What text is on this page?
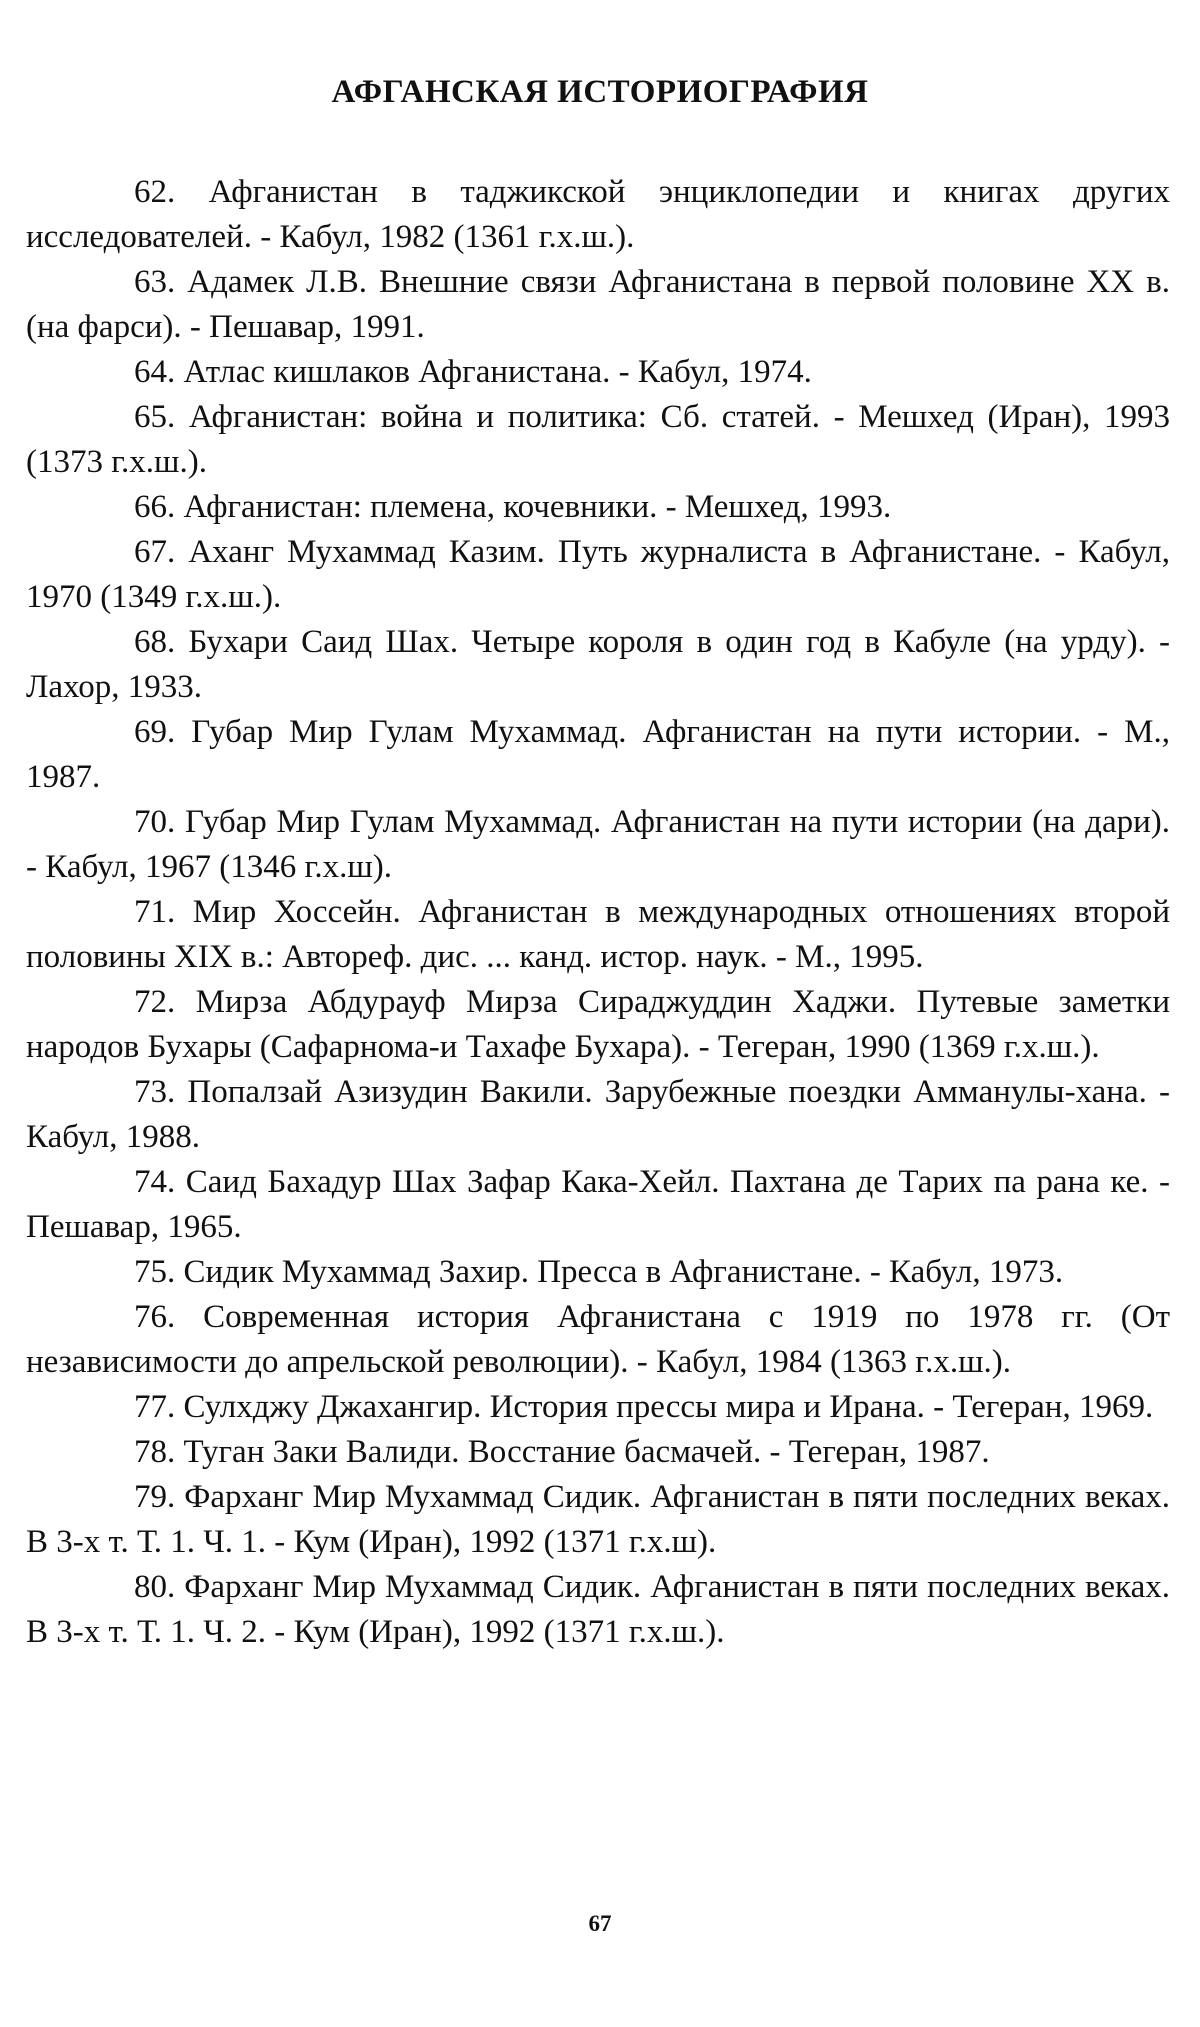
АФГАНСКАЯ ИСТОРИОГРАФИЯ
62. Афганистан в таджикской энциклопедии и книгах других исследователей. - Кабул, 1982 (1361 г.х.ш.).
63. Адамек Л.В. Внешние связи Афганистана в первой половине XX в. (на фарси). - Пешавар, 1991.
64. Атлас кишлаков Афганистана. - Кабул, 1974.
65. Афганистан: война и политика: Сб. статей. - Мешхед (Иран), 1993 (1373 г.х.ш.).
66. Афганистан: племена, кочевники. - Мешхед, 1993.
67. Аханг Мухаммад Казим. Путь журналиста в Афганистане. - Кабул, 1970 (1349 г.х.ш.).
68. Бухари Саид Шах. Четыре короля в один год в Кабуле (на урду). - Лахор, 1933.
69. Губар Мир Гулам Мухаммад. Афганистан на пути истории. - М., 1987.
70. Губар Мир Гулам Мухаммад. Афганистан на пути истории (на дари). - Кабул, 1967 (1346 г.х.ш).
71. Мир Хоссейн. Афганистан в международных отношениях второй половины XIX в.: Автореф. дис. ... канд. истор. наук. - М., 1995.
72. Мирза Абдурауф Мирза Сираджуддин Хаджи. Путевые заметки народов Бухары (Сафарнома-и Тахафе Бухара). - Тегеран, 1990 (1369 г.х.ш.).
73. Попалзай Азизудин Вакили. Зарубежные поездки Амманулы-хана. - Кабул, 1988.
74. Саид Бахадур Шах Зафар Кака-Хейл. Пахтана де Тарих па рана ке. - Пешавар, 1965.
75. Сидик Мухаммад Захир. Пресса в Афганистане. - Кабул, 1973.
76. Современная история Афганистана с 1919 по 1978 гг. (От независимости до апрельской революции). - Кабул, 1984 (1363 г.х.ш.).
77. Сулхджу Джахангир. История прессы мира и Ирана. - Тегеран, 1969.
78. Туган Заки Валиди. Восстание басмачей. - Тегеран, 1987.
79. Фарханг Мир Мухаммад Сидик. Афганистан в пяти последних веках. В 3-х т. Т. 1. Ч. 1. - Кум (Иран), 1992 (1371 г.х.ш).
80. Фарханг Мир Мухаммад Сидик. Афганистан в пяти последних веках. В 3-х т. Т. 1. Ч. 2. - Кум (Иран), 1992 (1371 г.х.ш.).
67
